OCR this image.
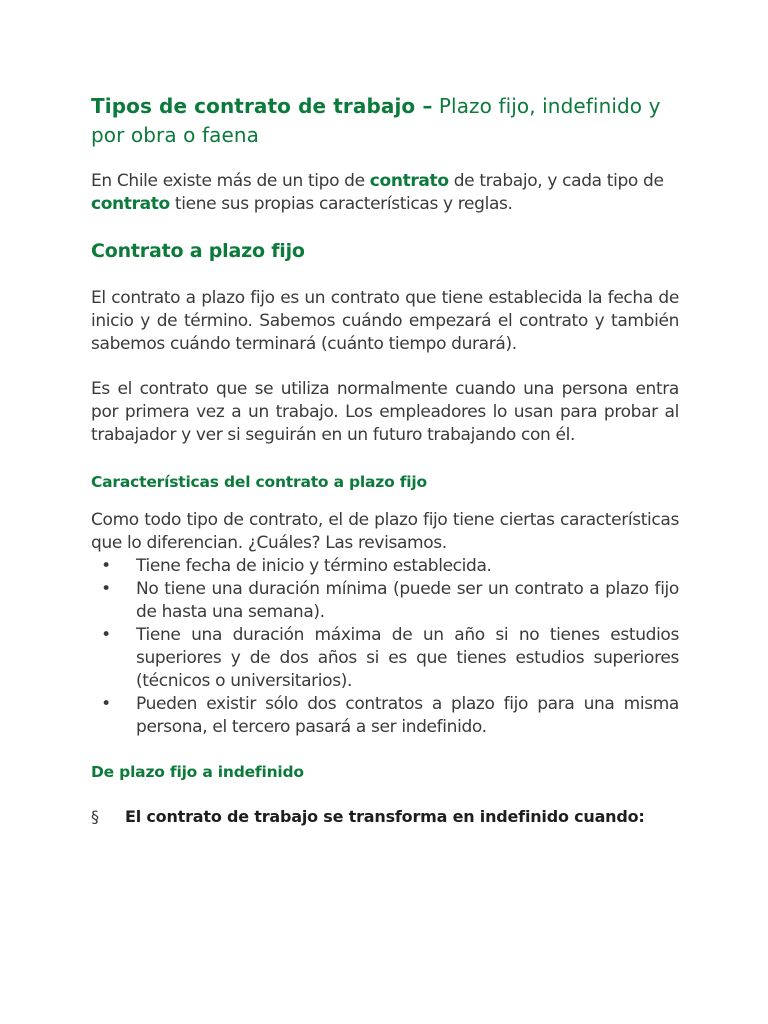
Tipos de contrato de trabajo – Plazo fijo, indefinido y por obra o faena

En Chile existe más de un tipo de contrato de trabajo, y cada tipo de contrato tiene sus propias características y reglas.

Contrato a plazo fijo

El contrato a plazo fijo es un contrato que tiene establecida la fecha de inicio y de término. Sabemos cuándo empezará el contrato y también sabemos cuándo terminará (cuánto tiempo durará).

Es el contrato que se utiliza normalmente cuando una persona entra por primera vez a un trabajo. Los empleadores lo usan para probar al trabajador y ver si seguirán en un futuro trabajando con él.

Características del contrato a plazo fijo

Como todo tipo de contrato, el de plazo fijo tiene ciertas características que lo diferencian. ¿Cuáles? Las revisamos.

• Tiene fecha de inicio y término establecida.
• No tiene una duración mínima (puede ser un contrato a plazo fijo de hasta una semana).
• Tiene una duración máxima de un año si no tienes estudios superiores y de dos años si es que tienes estudios superiores (técnicos o universitarios).
• Pueden existir sólo dos contratos a plazo fijo para una misma persona, el tercero pasará a ser indefinido.
De plazo fijo a indefinido
§ El contrato de trabajo se transforma en indefinido cuando:
